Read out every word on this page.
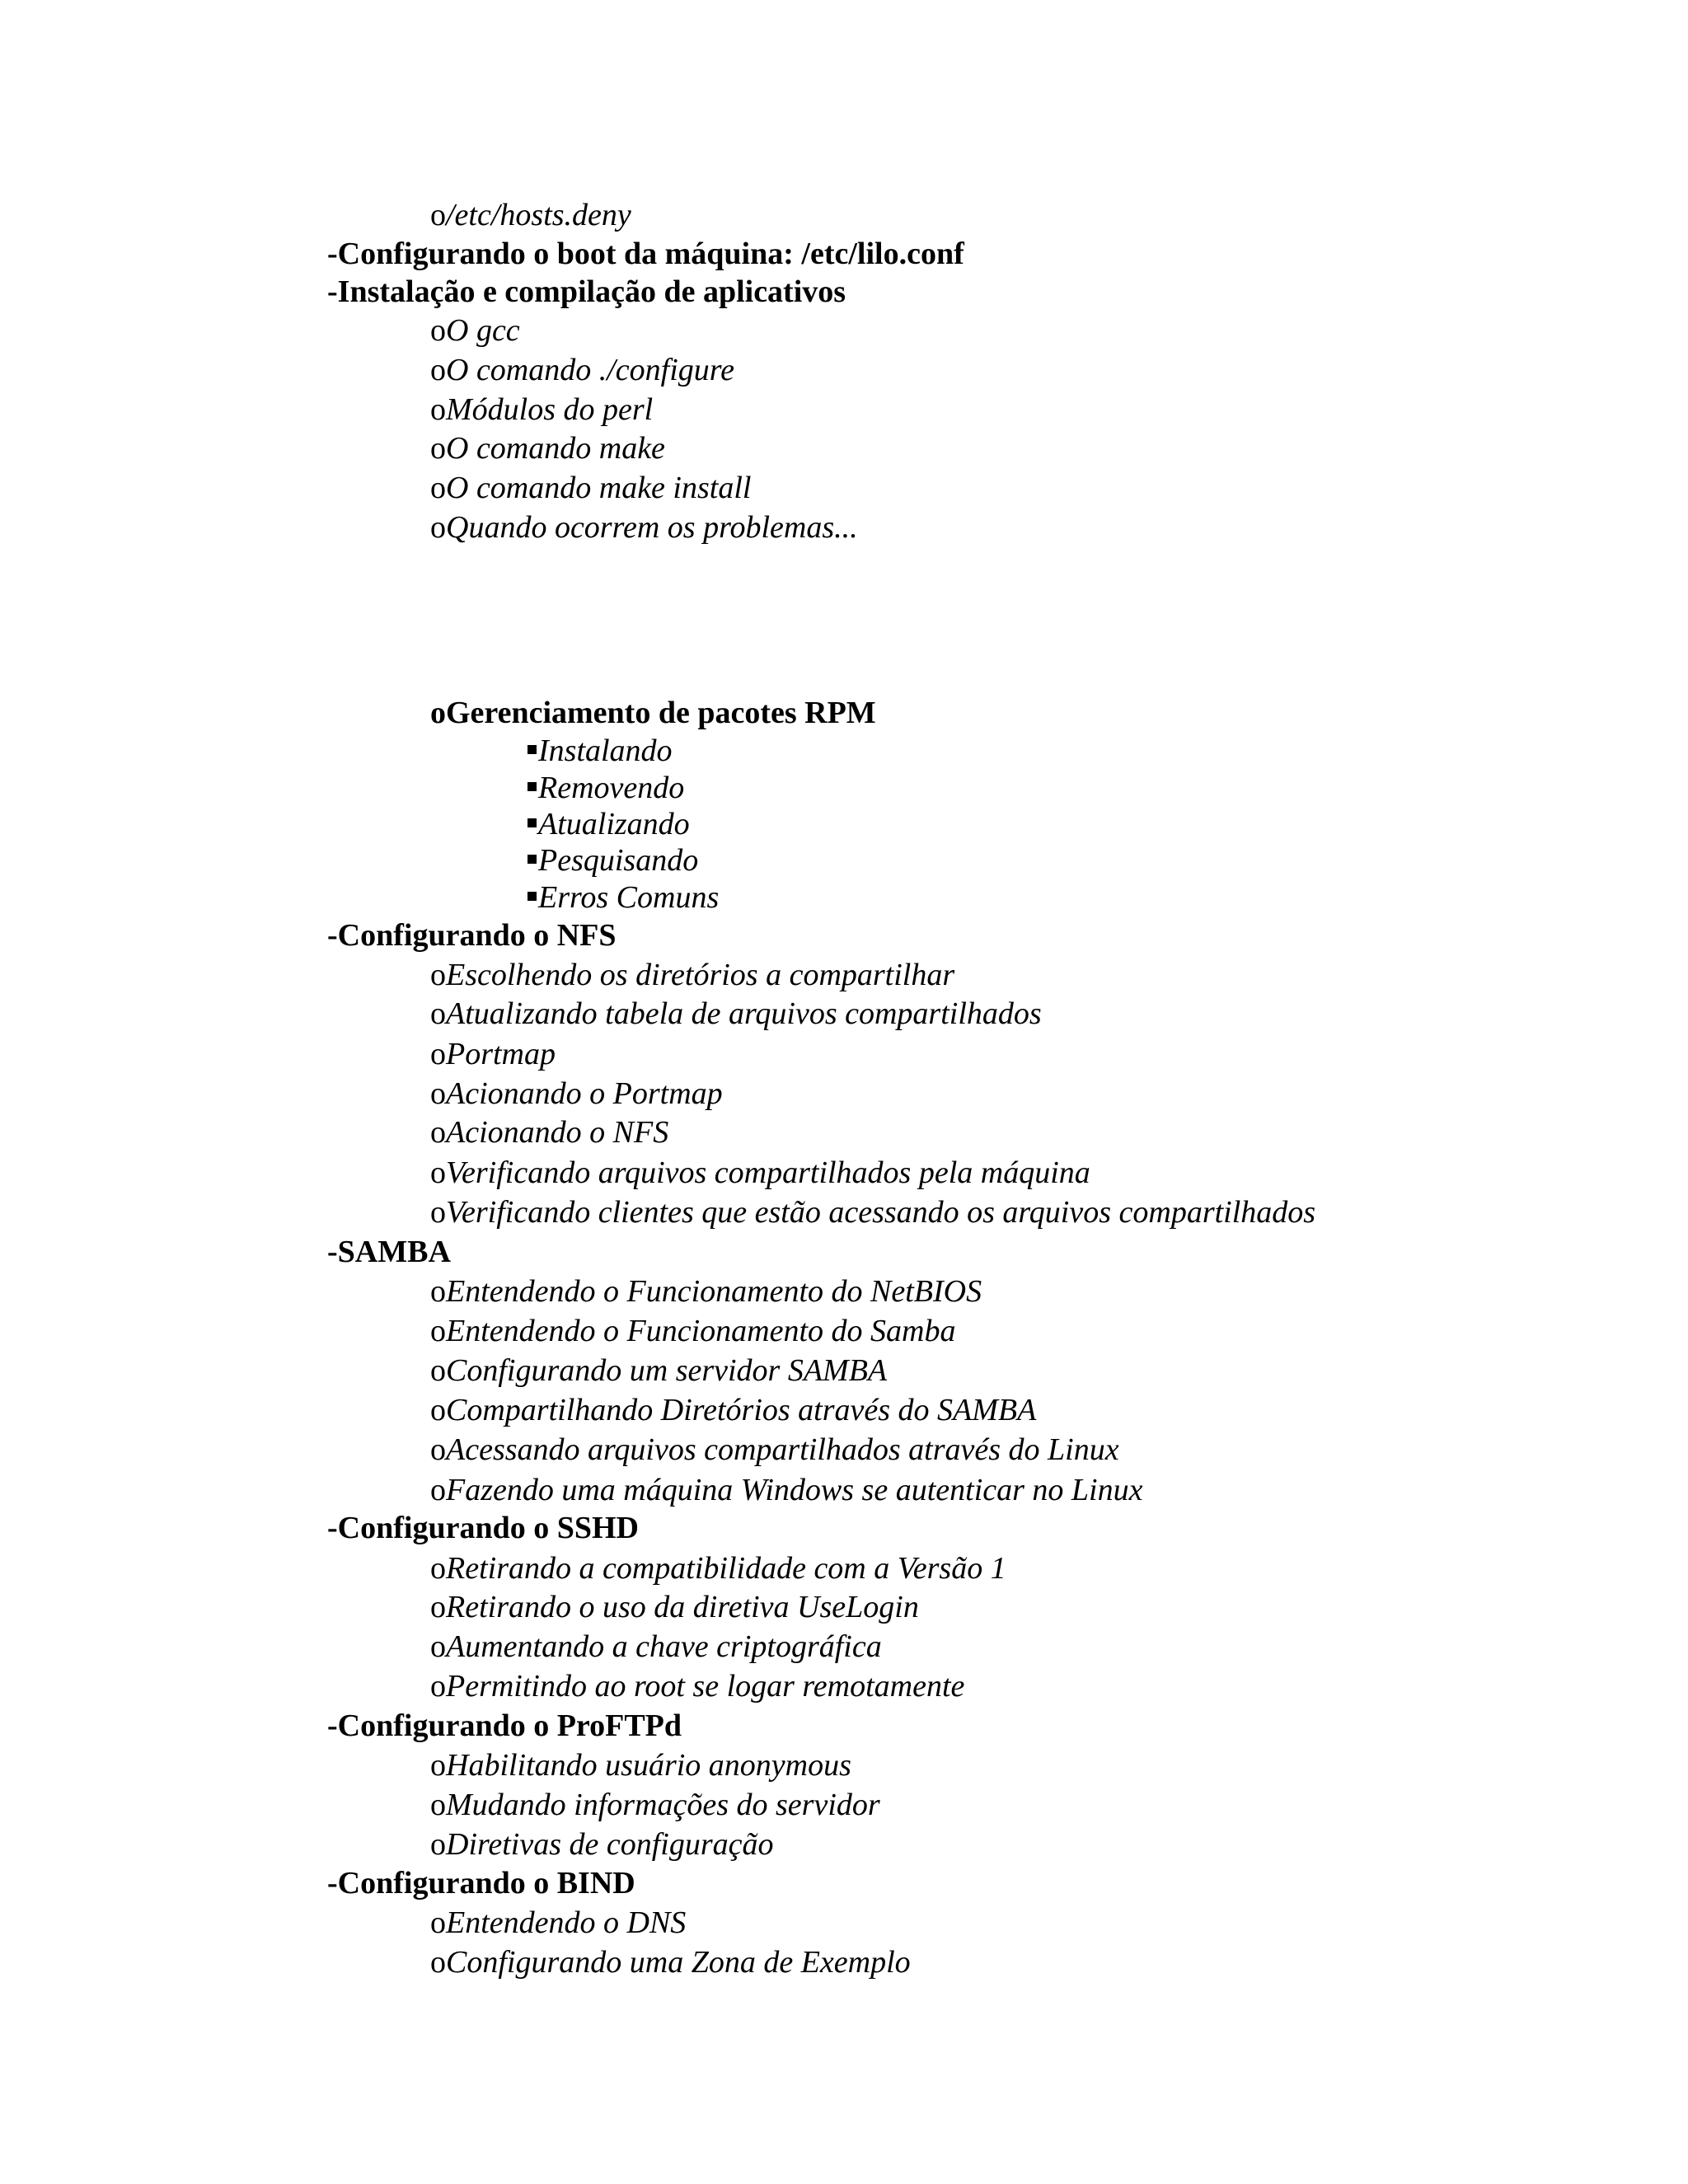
o/etc/hosts.deny
-Configurando o boot da máquina: /etc/lilo.conf
-Instalação e compilação de aplicativos
oO gcc
oO comando ./configure
oMódulos do perl
oO comando make
oO comando make install
oQuando ocorrem os problemas...
oGerenciamento de pacotes RPM
Instalando
Removendo
Atualizando
Pesquisando
Erros Comuns
-Configurando o NFS
oEscolhendo os diretórios a compartilhar
oAtualizando tabela de arquivos compartilhados
oPortmap
oAcionando o Portmap
oAcionando o NFS
oVerificando arquivos compartilhados pela máquina
oVerificando clientes que estão acessando os arquivos compartilhados
-SAMBA
oEntendendo o Funcionamento do NetBIOS
oEntendendo o Funcionamento do Samba
oConfigurando um servidor SAMBA
oCompartilhando Diretórios através do SAMBA
oAcessando arquivos compartilhados através do Linux
oFazendo uma máquina Windows se autenticar no Linux
-Configurando o SSHD
oRetirando a compatibilidade com a Versão 1
oRetirando o uso da diretiva UseLogin
oAumentando a chave criptográfica
oPermitindo ao root se logar remotamente
-Configurando o ProFTPd
oHabilitando usuário anonymous
oMudando informações do servidor
oDiretivas de configuração
-Configurando o BIND
oEntendendo o DNS
oConfigurando uma Zona de Exemplo
